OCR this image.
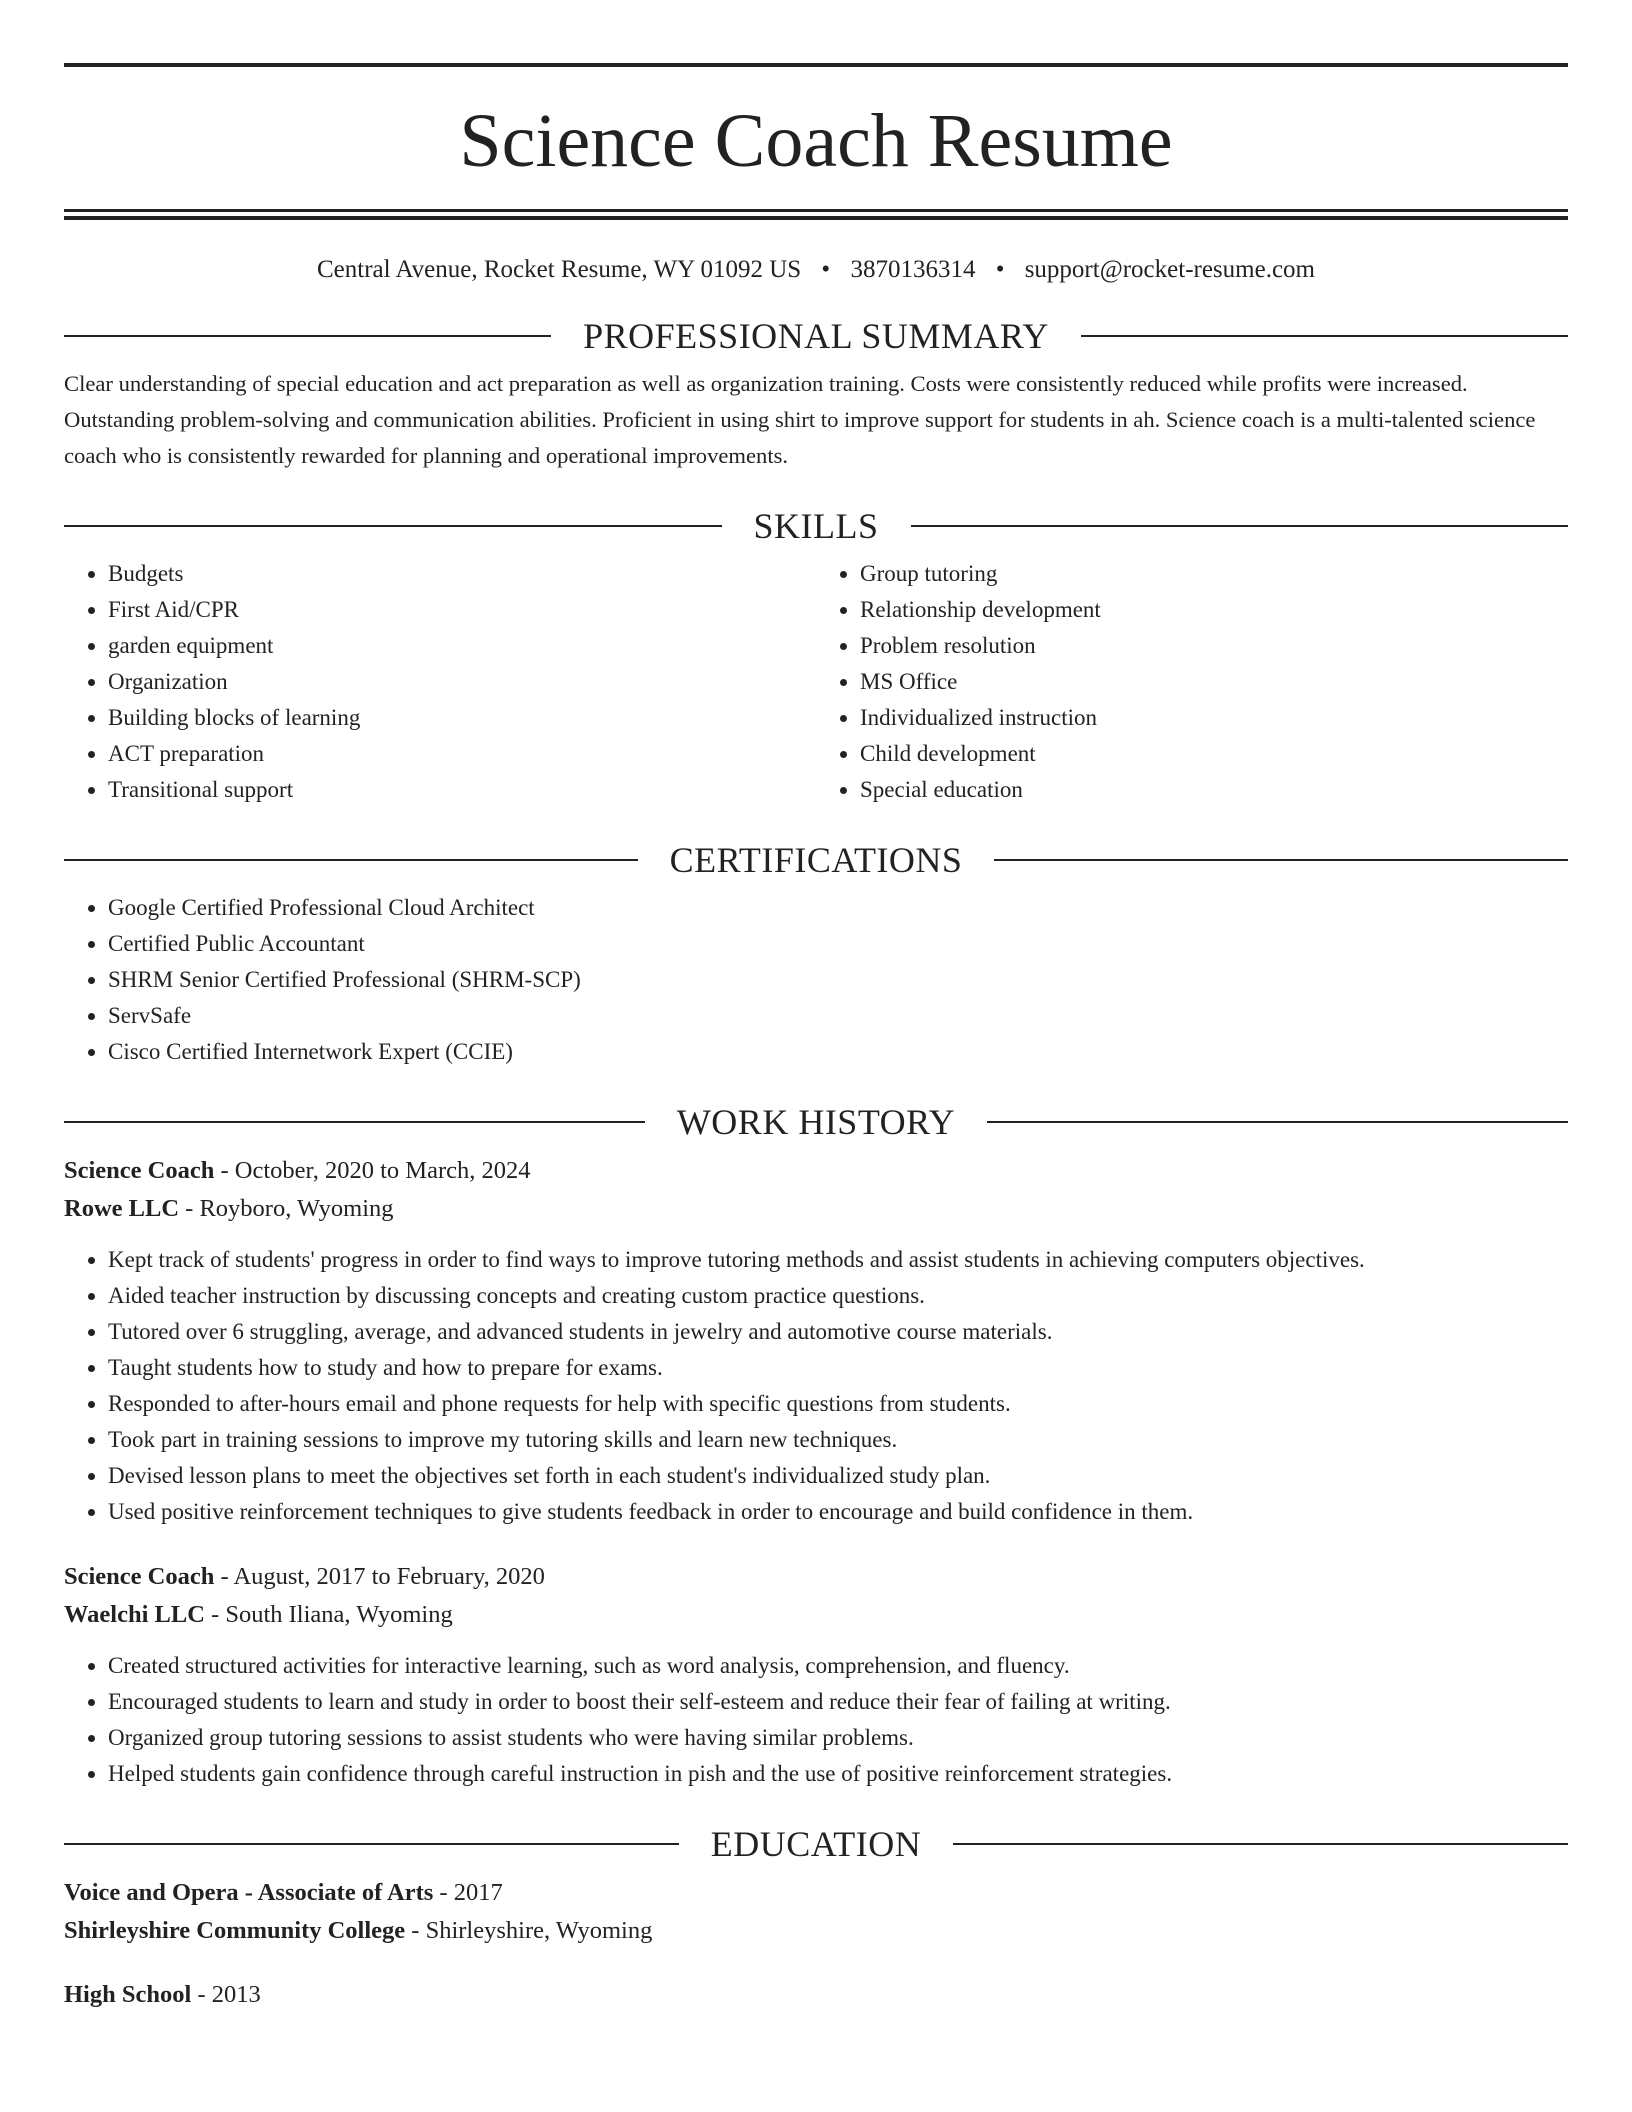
Science Coach Resume
Central Avenue, Rocket Resume, WY 01092 US • 3870136314 • support@rocket-resume.com
PROFESSIONAL SUMMARY

Clear understanding of special education and act preparation as well as organization training. Costs were consistently reduced while profits were increased. Outstanding problem-solving and communication abilities. Proficient in using shirt to improve support for students in ah. Science coach is a multi-talented science coach who is consistently rewarded for planning and operational improvements.

SKILLS
• Budgets
• First Aid/CPR
• garden equipment
• Organization
• Building blocks of learning
• ACT preparation
• Transitional support
• Group tutoring
• Relationship development
• Problem resolution
• MS Office
• Individualized instruction
• Child development
• Special education
CERTIFICATIONS
• Google Certified Professional Cloud Architect
• Certified Public Accountant
• SHRM Senior Certified Professional (SHRM-SCP)
• ServSafe
• Cisco Certified Internetwork Expert (CCIE)
WORK HISTORY
Science Coach - October, 2020 to March, 2024
Rowe LLC - Royboro, Wyoming
• Kept track of students' progress in order to find ways to improve tutoring methods and assist students in achieving computers objectives.
• Aided teacher instruction by discussing concepts and creating custom practice questions.
• Tutored over 6 struggling, average, and advanced students in jewelry and automotive course materials.
• Taught students how to study and how to prepare for exams.
• Responded to after-hours email and phone requests for help with specific questions from students.
• Took part in training sessions to improve my tutoring skills and learn new techniques.
• Devised lesson plans to meet the objectives set forth in each student's individualized study plan.
• Used positive reinforcement techniques to give students feedback in order to encourage and build confidence in them.
Science Coach - August, 2017 to February, 2020
Waelchi LLC - South Iliana, Wyoming
• Created structured activities for interactive learning, such as word analysis, comprehension, and fluency.
• Encouraged students to learn and study in order to boost their self-esteem and reduce their fear of failing at writing.
• Organized group tutoring sessions to assist students who were having similar problems.
• Helped students gain confidence through careful instruction in pish and the use of positive reinforcement strategies.
EDUCATION
Voice and Opera - Associate of Arts - 2017
Shirleyshire Community College - Shirleyshire, Wyoming
High School - 2013
